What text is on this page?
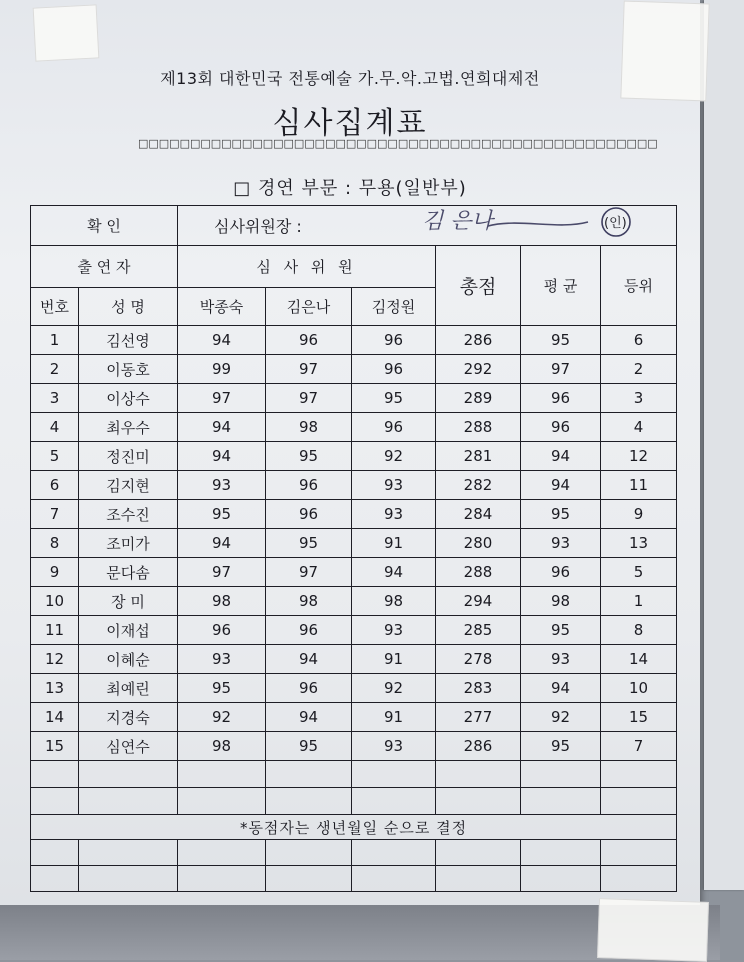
제13회 대한민국 전통예술 가.무.악.고법.연희대제전
심사집계표
□□□□□□□□□□□□□□□□□□□□□□□□□□□□□□□□□□□□□□□□□□□□□□□□□□
□ 경연 부문 : 무용(일반부)
확 인		심사위원장 : 김 은나 (인)					

출 연 자		심 사 위 원			총점	평 균	등위
번호	성 명	박종숙	김은나	김정원			
1	김선영	94	96	96	286	95	6
2	이동호	99	97	96	292	97	2
3	이상수	97	97	95	289	96	3
4	최우수	94	98	96	288	96	4
5	정진미	94	95	92	281	94	12
6	김지현	93	96	93	282	94	11
7	조수진	95	96	93	284	95	9
8	조미가	94	95	91	280	93	13
9	문다솜	97	97	94	288	96	5
10	장 미	98	98	98	294	98	1
11	이재섭	96	96	93	285	95	8
12	이혜순	93	94	91	278	93	14
13	최예린	95	96	92	283	94	10
14	지경숙	92	94	91	277	92	15
15	심연수	98	95	93	286	95	7

*동점자는 생년월일 순으로 결정							
